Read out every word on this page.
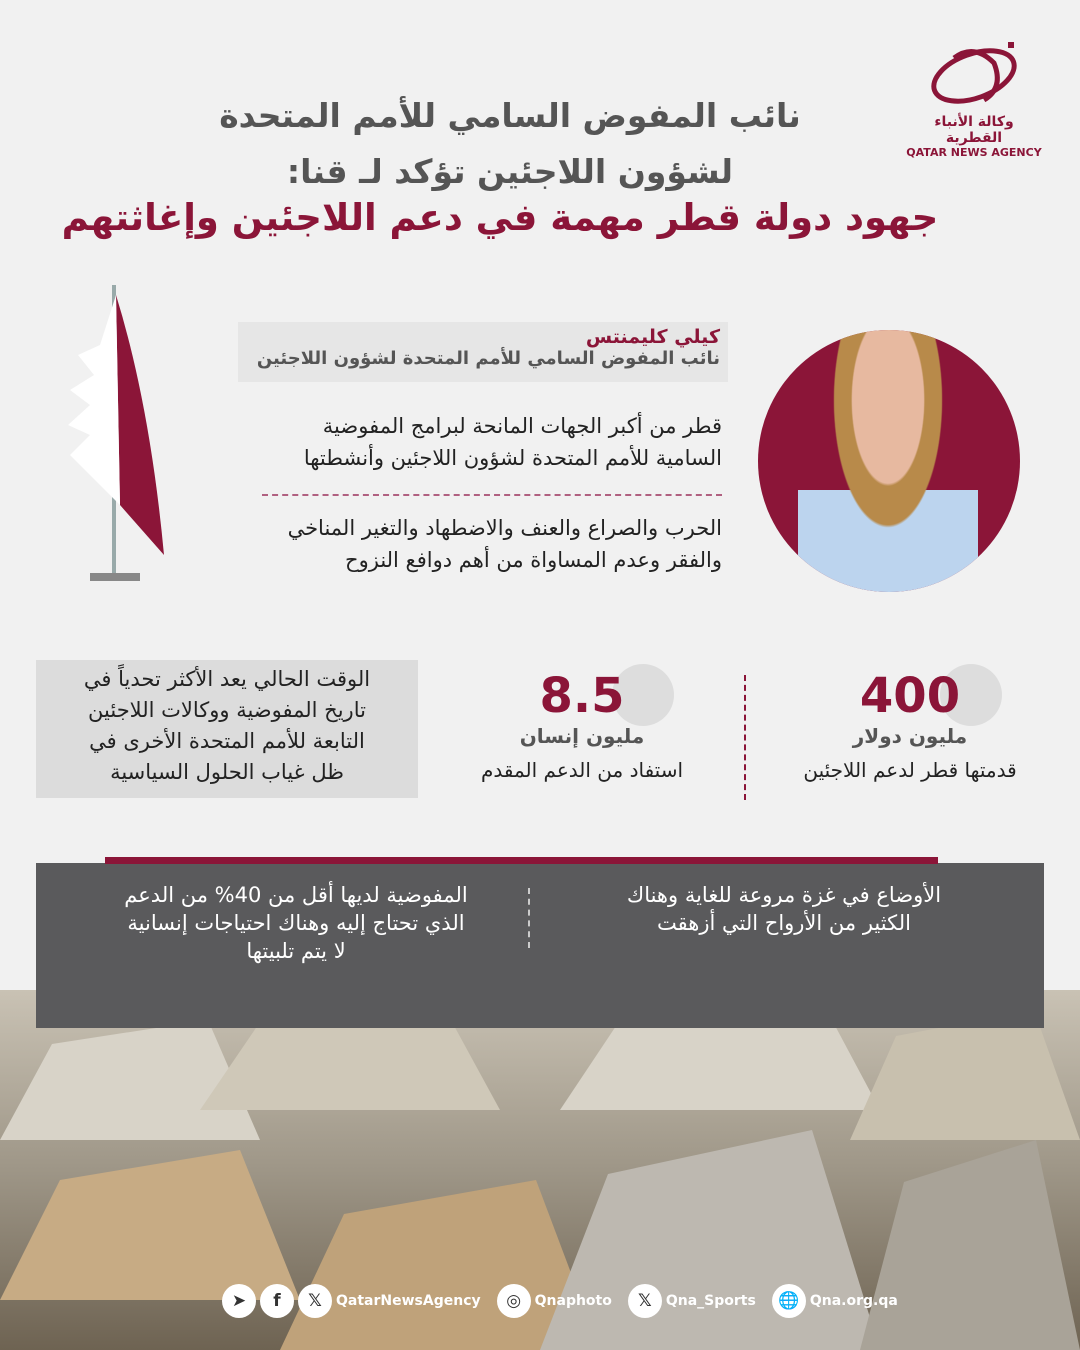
نائب المفوض السامي للأمم المتحدة
لشؤون اللاجئين تؤكد لـ قنا:
جهود دولة قطر مهمة في دعم اللاجئين وإغاثتهم
وكالة الأنباء القطرية
QATAR NEWS AGENCY
كيلي كليمنتس
نائب المفوض السامي للأمم المتحدة لشؤون اللاجئين
قطر من أكبر الجهات المانحة لبرامج المفوضية
السامية للأمم المتحدة لشؤون اللاجئين وأنشطتها
الحرب والصراع والعنف والاضطهاد والتغير المناخي
والفقر وعدم المساواة من أهم دوافع النزوح
الوقت الحالي يعد الأكثر تحدياً في
تاريخ المفوضية ووكالات اللاجئين
التابعة للأمم المتحدة الأخرى في
ظل غياب الحلول السياسية
400
مليون دولار
قدمتها قطر لدعم اللاجئين
8.5
مليون إنسان
استفاد من الدعم المقدم
الأوضاع في غزة مروعة للغاية وهناك
الكثير من الأرواح التي أزهقت
المفوضية لديها أقل من 40% من الدعم
الذي تحتاج إليه وهناك احتياجات إنسانية
لا يتم تلبيتها
➤	f	𝕏	QatarNewsAgency	◎ Qnaphoto	𝕏	Qna_Sports	🌐 Qna.org.qa
